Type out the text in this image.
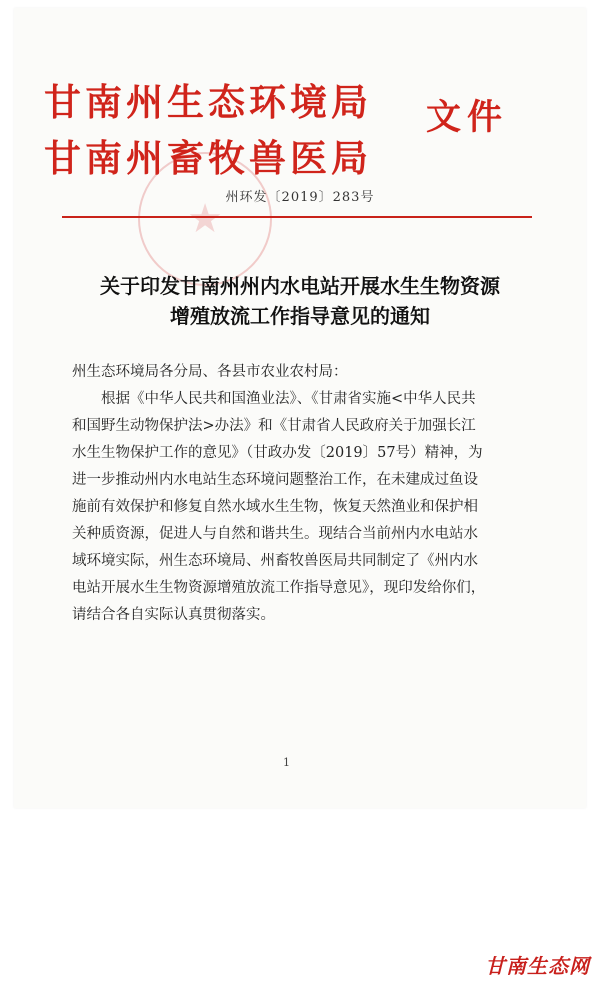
★
甘南州生态环境局
甘南州畜牧兽医局
文件
州环发〔2019〕283号
关于印发甘南州州内水电站开展水生生物资源
增殖放流工作指导意见的通知
州生态环境局各分局、各县市农业农村局：
　　根据《中华人民共和国渔业法》、《甘肃省实施<中华人民共
和国野生动物保护法>办法》和《甘肃省人民政府关于加强长江
水生生物保护工作的意见》（甘政办发〔2019〕57号）精神，为
进一步推动州内水电站生态环境问题整治工作，在未建成过鱼设
施前有效保护和修复自然水域水生生物，恢复天然渔业和保护相
关种质资源，促进人与自然和谐共生。现结合当前州内水电站水
域环境实际，州生态环境局、州畜牧兽医局共同制定了《州内水
电站开展水生生物资源增殖放流工作指导意见》，现印发给你们，
请结合各自实际认真贯彻落实。
1
甘南生态网
